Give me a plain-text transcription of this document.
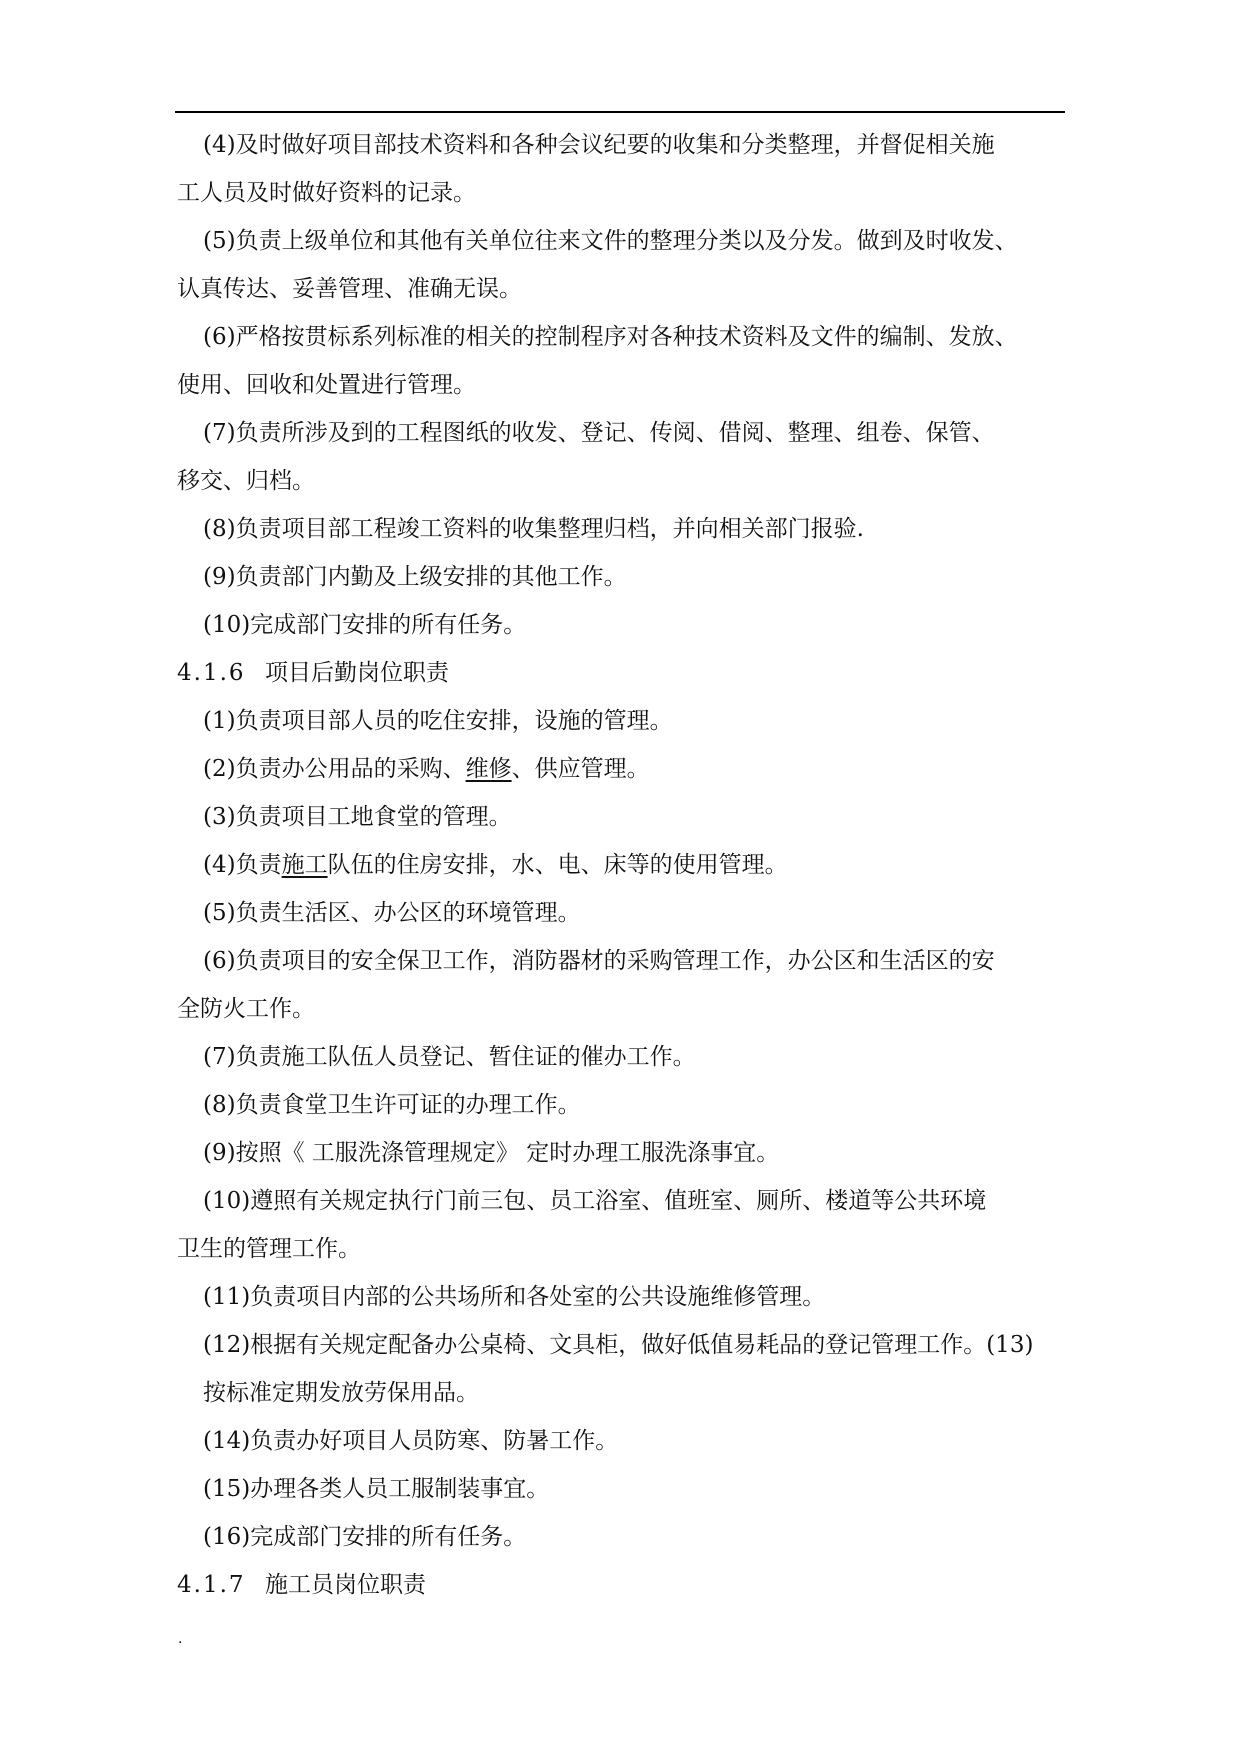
(4)及时做好项目部技术资料和各种会议纪要的收集和分类整理，并督促相关施
工人员及时做好资料的记录。
(5)负责上级单位和其他有关单位往来文件的整理分类以及分发。做到及时收发、
认真传达、妥善管理、准确无误。
(6)严格按贯标系列标准的相关的控制程序对各种技术资料及文件的编制、发放、
使用、回收和处置进行管理。
(7)负责所涉及到的工程图纸的收发、登记、传阅、借阅、整理、组卷、保管、
移交、归档。
(8)负责项目部工程竣工资料的收集整理归档，并向相关部门报验.
(9)负责部门内勤及上级安排的其他工作。
(10)完成部门安排的所有任务。
4.1.6 项目后勤岗位职责
(1)负责项目部人员的吃住安排，设施的管理。
(2)负责办公用品的采购、维修、供应管理。
(3)负责项目工地食堂的管理。
(4)负责施工队伍的住房安排，水、电、床等的使用管理。
(5)负责生活区、办公区的环境管理。
(6)负责项目的安全保卫工作，消防器材的采购管理工作，办公区和生活区的安
全防火工作。
(7)负责施工队伍人员登记、暂住证的催办工作。
(8)负责食堂卫生许可证的办理工作。
(9)按照《 工服洗涤管理规定》 定时办理工服洗涤事宜。
(10)遵照有关规定执行门前三包、员工浴室、值班室、厕所、楼道等公共环境
卫生的管理工作。
(11)负责项目内部的公共场所和各处室的公共设施维修管理。
(12)根据有关规定配备办公桌椅、文具柜，做好低值易耗品的登记管理工作。(13)
按标准定期发放劳保用品。
(14)负责办好项目人员防寒、防暑工作。
(15)办理各类人员工服制装事宜。
(16)完成部门安排的所有任务。
4.1.7 施工员岗位职责
.
